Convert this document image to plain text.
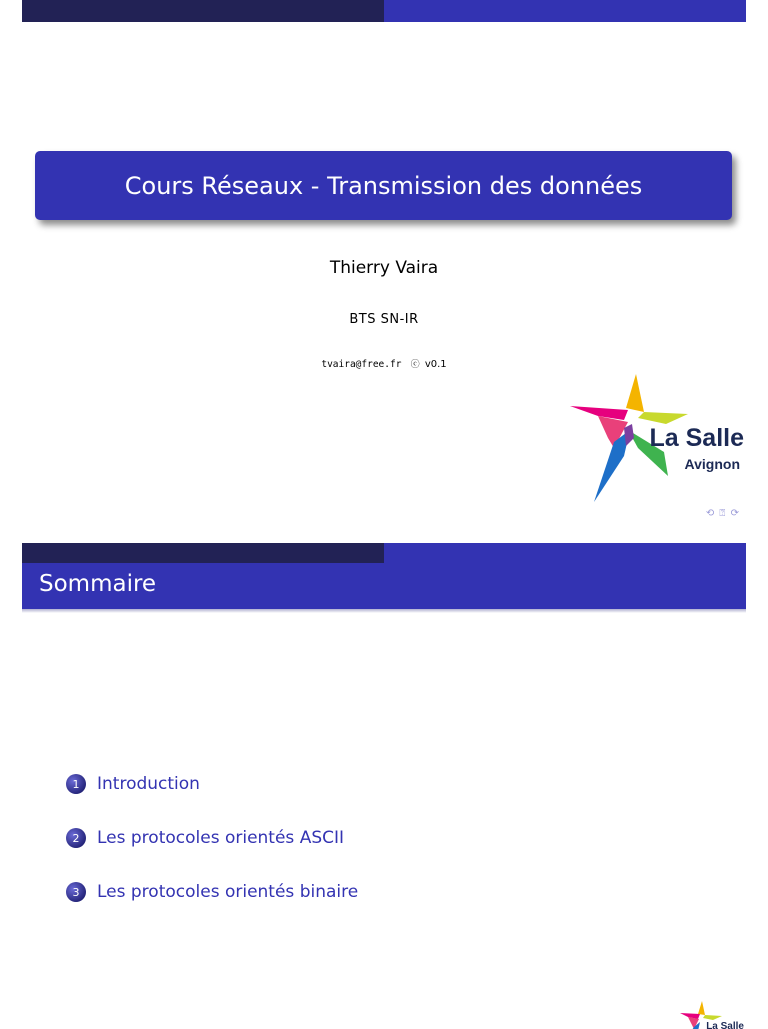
Cours Réseaux - Transmission des données
Thierry Vaira
BTS SN-IR
tvaira@free.fr ⓒ v0.1
La Salle
Avignon
⟲ ⍰ ⟳
Sommaire
1	Introduction
2	Les protocoles orientés ASCII
3	Les protocoles orientés binaire
La Salle
